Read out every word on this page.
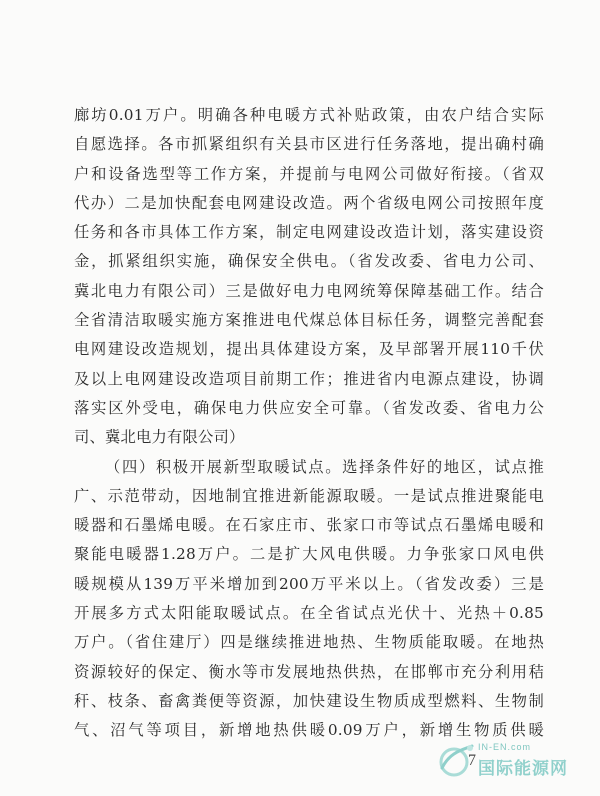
廊坊0.01万户。明确各种电暖方式补贴政策，由农户结合实际
自愿选择。各市抓紧组织有关县市区进行任务落地，提出确村确
户和设备选型等工作方案，并提前与电网公司做好衔接。（省双
代办）二是加快配套电网建设改造。两个省级电网公司按照年度
任务和各市具体工作方案，制定电网建设改造计划，落实建设资
金，抓紧组织实施，确保安全供电。（省发改委、省电力公司、
冀北电力有限公司）三是做好电力电网统筹保障基础工作。结合
全省清洁取暖实施方案推进电代煤总体目标任务，调整完善配套
电网建设改造规划，提出具体建设方案，及早部署开展110千伏
及以上电网建设改造项目前期工作；推进省内电源点建设，协调
落实区外受电，确保电力供应安全可靠。（省发改委、省电力公
司、冀北电力有限公司）
（四）积极开展新型取暖试点。选择条件好的地区，试点推
广、示范带动，因地制宜推进新能源取暖。一是试点推进聚能电
暖器和石墨烯电暖。在石家庄市、张家口市等试点石墨烯电暖和
聚能电暖器1.28万户。二是扩大风电供暖。力争张家口风电供
暖规模从139万平米增加到200万平米以上。（省发改委）三是
开展多方式太阳能取暖试点。在全省试点光伏十、光热＋0.85
万户。（省住建厅）四是继续推进地热、生物质能取暖。在地热
资源较好的保定、衡水等市发展地热供热，在邯郸市充分利用秸
秆、枝条、畜禽粪便等资源，加快建设生物质成型燃料、生物制
气、沼气等项目，新增地热供暖0.09万户，新增生物质供暖
7
IN-EN.com
国际能源网
